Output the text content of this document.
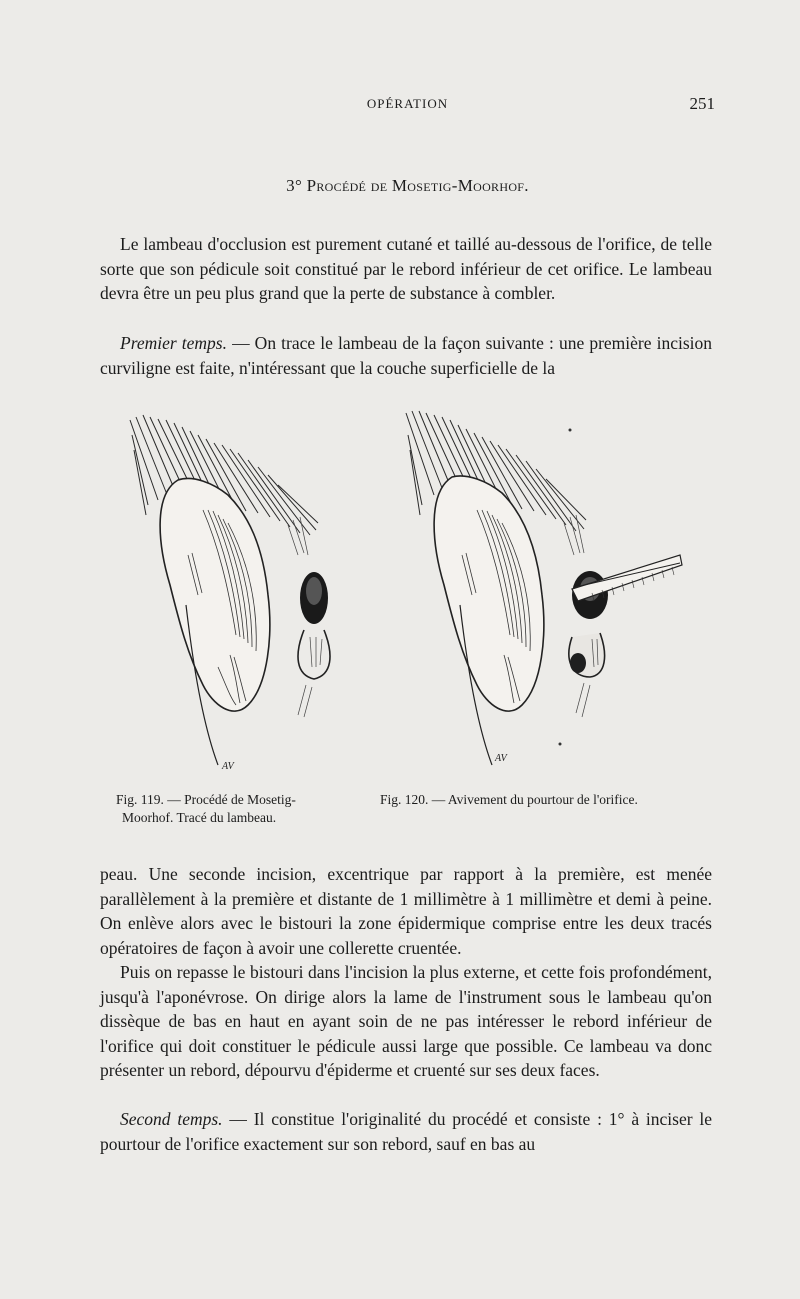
OPÉRATION	251
3° Procédé de Mosetig-Moorhof.

Le lambeau d'occlusion est purement cutané et taillé au-dessous de l'orifice, de telle sorte que son pédicule soit constitué par le rebord inférieur de cet orifice. Le lambeau devra être un peu plus grand que la perte de substance à combler.

Premier temps. — On trace le lambeau de la façon suivante : une première incision curviligne est faite, n'intéressant que la couche superficielle de la

AV
AV
Fig. 119. — Procédé de Mosetig-
Moorhof. Tracé du lambeau.
Fig. 120. — Avivement du pourtour de l'orifice.

peau. Une seconde incision, excentrique par rapport à la première, est menée parallèlement à la première et distante de 1 millimètre à 1 millimètre et demi à peine. On enlève alors avec le bistouri la zone épidermique comprise entre les deux tracés opératoires de façon à avoir une collerette cruentée.

Puis on repasse le bistouri dans l'incision la plus externe, et cette fois profondément, jusqu'à l'aponévrose. On dirige alors la lame de l'instrument sous le lambeau qu'on dissèque de bas en haut en ayant soin de ne pas intéresser le rebord inférieur de l'orifice qui doit constituer le pédicule aussi large que possible. Ce lambeau va donc présenter un rebord, dépourvu d'épiderme et cruenté sur ses deux faces.

Second temps. — Il constitue l'originalité du procédé et consiste : 1° à inciser le pourtour de l'orifice exactement sur son rebord, sauf en bas au
